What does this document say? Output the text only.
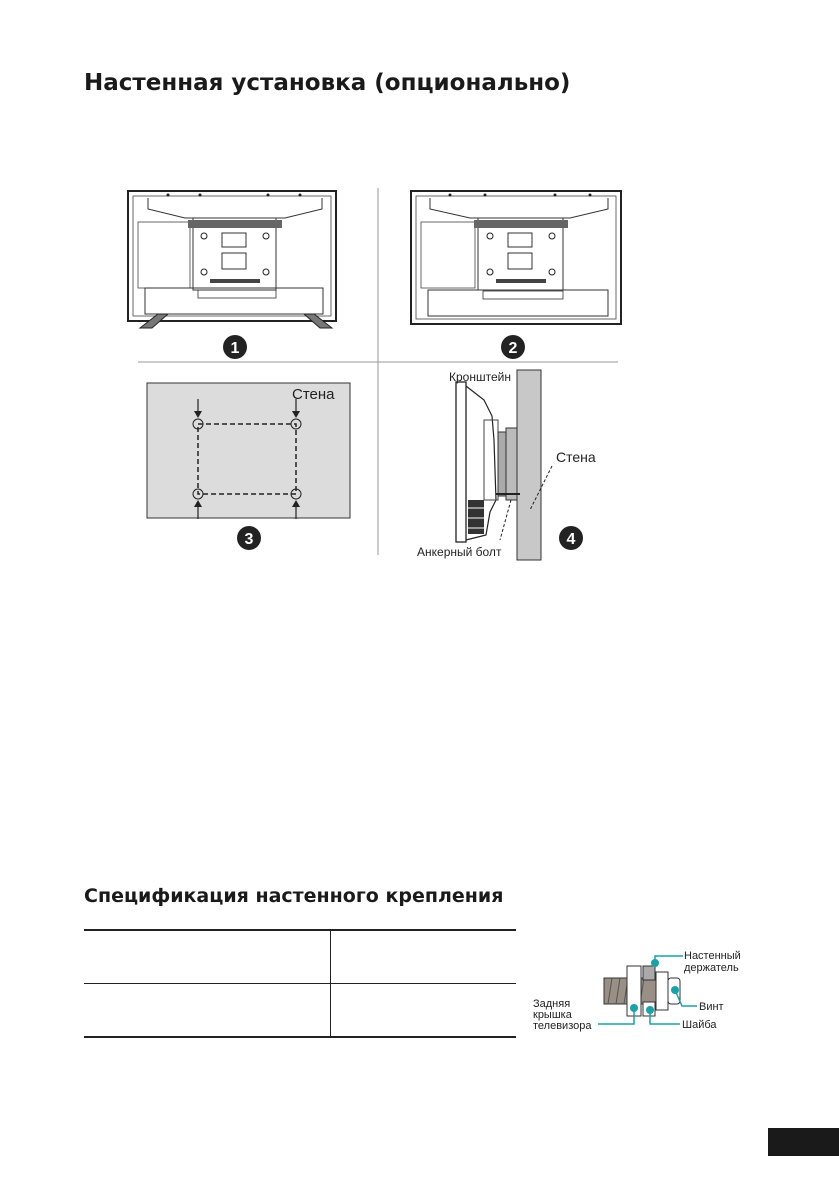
Настенная установка (опционально)
Стена
Кронштейн
Стена
Анкерный болт
1	2
3	4
Настенный
держатель
Винт
Шайба
Задняя
крышка
телевизора
Спецификация настенного крепления
